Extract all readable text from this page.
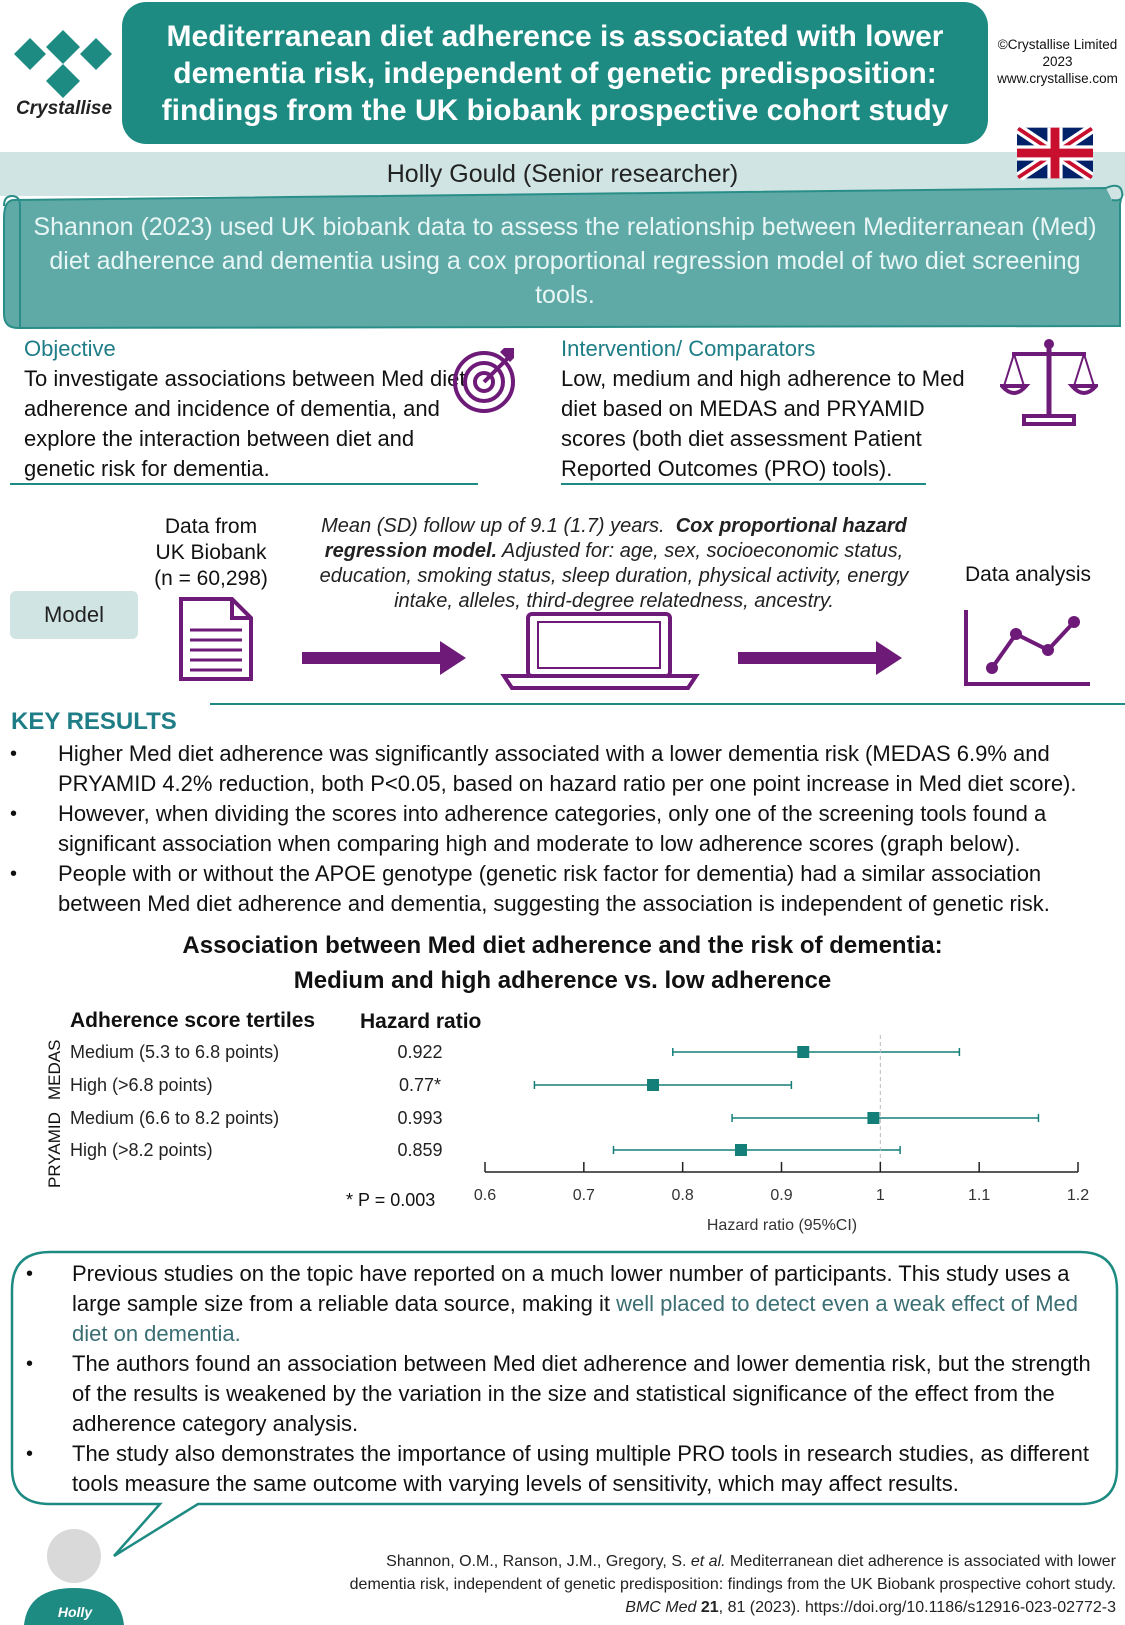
Crystallise
Mediterranean diet adherence is associated with lower dementia risk, independent of genetic predisposition: findings from the UK biobank prospective cohort study
©Crystallise Limited
2023
www.crystallise.com
Holly Gould (Senior researcher)
Shannon (2023) used UK biobank data to assess the relationship between Mediterranean (Med) diet adherence and dementia using a cox proportional regression model of two diet screening tools.
Objective
To investigate associations between Med diet adherence and incidence of dementia, and explore the interaction between diet and genetic risk for dementia.
Intervention/ Comparators
Low, medium and high adherence to Med diet based on MEDAS and PRYAMID scores (both diet assessment Patient Reported Outcomes (PRO) tools).
Model
Data from
UK Biobank
(n = 60,298)
Mean (SD) follow up of 9.1 (1.7) years. Cox proportional hazard regression model. Adjusted for: age, sex, socioeconomic status, education, smoking status, sleep duration, physical activity, energy intake, alleles, third-degree relatedness, ancestry.
Data analysis
KEY RESULTS
•	Higher Med diet adherence was significantly associated with a lower dementia risk (MEDAS 6.9% and PRYAMID 4.2% reduction, both P<0.05, based on hazard ratio per one point increase in Med diet score).
•	However, when dividing the scores into adherence categories, only one of the screening tools found a significant association when comparing high and moderate to low adherence scores (graph below).
•	People with or without the APOE genotype (genetic risk factor for dementia) had a similar association between Med diet adherence and dementia, suggesting the association is independent of genetic risk.
Association between Med diet adherence and the risk of dementia:
Medium and high adherence vs. low adherence
Adherence score tertiles Hazard ratio
MEDAS
PRYAMID
Medium (5.3 to 6.8 points)	0.922
High (>6.8 points)	0.77*
Medium (6.6 to 8.2 points)	0.993
High (>8.2 points)	0.859
0.6	0.7	0.8	0.9	1	1.1	1.2
* P = 0.003
Hazard ratio (95%CI)
• Previous studies on the topic have reported on a much lower number of participants. This study uses a large sample size from a reliable data source, making it well placed to detect even a weak effect of Med diet on dementia.
• The authors found an association between Med diet adherence and lower dementia risk, but the strength of the results is weakened by the variation in the size and statistical significance of the effect from the adherence category analysis.
• The study also demonstrates the importance of using multiple PRO tools in research studies, as different tools measure the same outcome with varying levels of sensitivity, which may affect results.
Holly
Shannon, O.M., Ranson, J.M., Gregory, S. et al. Mediterranean diet adherence is associated with lower dementia risk, independent of genetic predisposition: findings from the UK Biobank prospective cohort study. BMC Med 21, 81 (2023). https://doi.org/10.1186/s12916-023-02772-3
